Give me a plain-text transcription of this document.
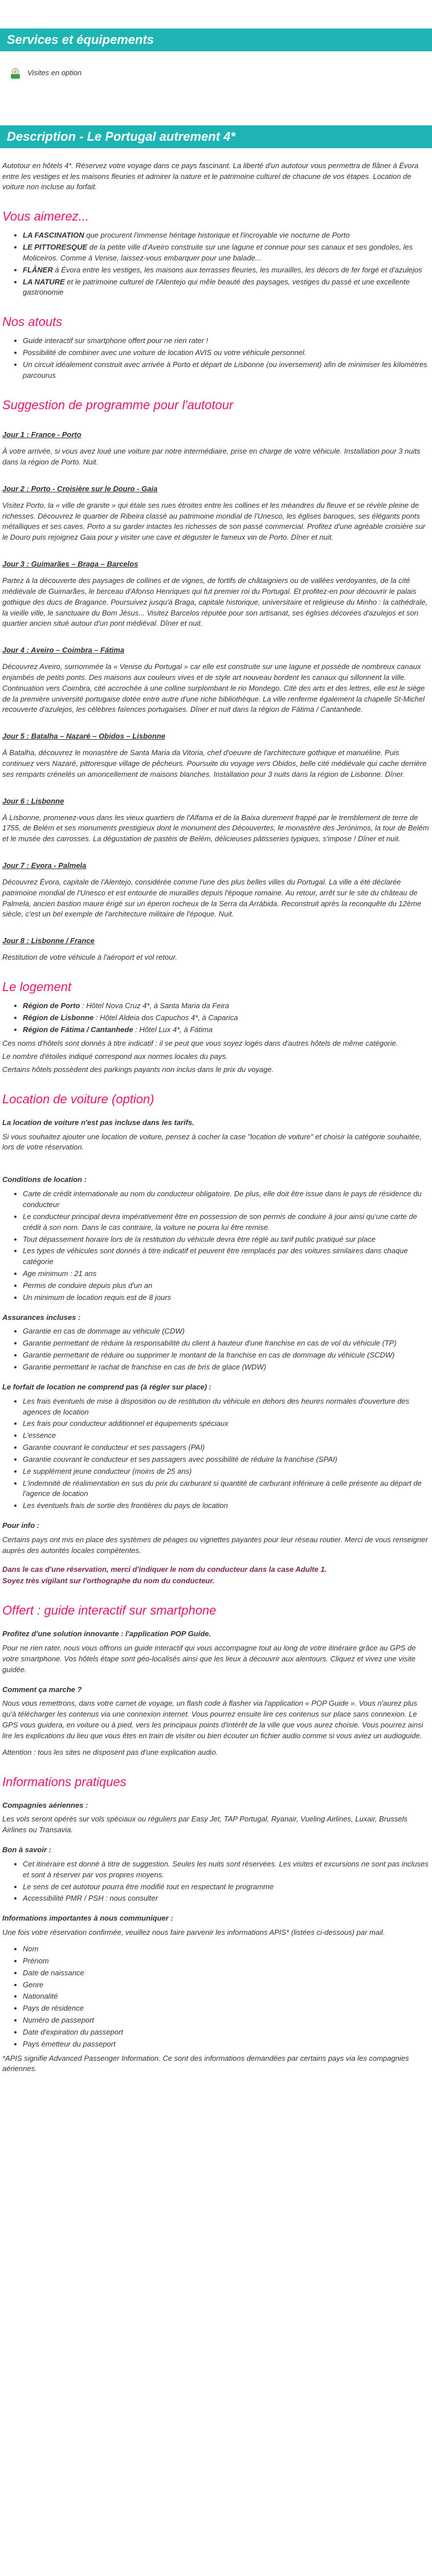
Services et équipements
Visites en option
Description - Le Portugal autrement 4*

Autotour en hôtels 4*. Réservez votre voyage dans ce pays fascinant. La liberté d'un autotour vous permettra de flâner à Évora entre les vestiges et les maisons fleuries et admirer la nature et le patrimoine culturel de chacune de vos étapes. Location de voiture non incluse au forfait.

Vous aimerez...
• LA FASCINATION que procurent l'immense héritage historique et l'incroyable vie nocturne de Porto
• LE PITTORESQUE de la petite ville d'Aveiro construite sur une lagune et connue pour ses canaux et ses gondoles, les Moliceiros. Comme à Venise, laissez-vous embarquer pour une balade...
• FLÂNER à Évora entre les vestiges, les maisons aux terrasses fleuries, les murailles, les décors de fer forgé et d'azulejos
• LA NATURE et le patrimoine culturel de l'Alentejo qui mêle beauté des paysages, vestiges du passé et une excellente gastronomie
Nos atouts
• Guide interactif sur smartphone offert pour ne rien rater !
• Possibilité de combiner avec une voiture de location AVIS ou votre véhicule personnel.
• Un circuit idéalement construit avec arrivée à Porto et départ de Lisbonne (ou inversement) afin de minimiser les kilomètres parcourus
Suggestion de programme pour l'autotour
Jour 1 : France - Porto

À votre arrivée, si vous avez loué une voiture par notre intermédiaire, prise en charge de votre véhicule. Installation pour 3 nuits dans la région de Porto. Nuit.

Jour 2 : Porto - Croisière sur le Douro - Gaia

Visitez Porto, la « ville de granite » qui étale ses rues étroites entre les collines et les méandres du fleuve et se révèle pleine de richesses. Découvrez le quartier de Ribeira classé au patrimoine mondial de l'Unesco, les églises baroques, ses élégants ponts métalliques et ses caves. Porto a su garder intactes les richesses de son passé commercial. Profitez d'une agréable croisière sur le Douro puis rejoignez Gaia pour y visiter une cave et déguster le fameux vin de Porto. Dîner et nuit.

Jour 3 : Guimarães – Braga – Barcelos

Partez à la découverte des paysages de collines et de vignes, de fortifs de châtaigniers ou de vallées verdoyantes, de la cité médiévale de Guimarães, le berceau d'Afonso Henriques qui fut premier roi du Portugal. Et profitez-en pour découvrir le palais gothique des ducs de Bragance. Poursuivez jusqu'à Braga, capitale historique, universitaire et religieuse du Minho : la cathédrale, la vieille ville, le sanctuaire du Bom Jésus... Visitez Barcelos réputée pour son artisanat, ses églises décorées d'azulejos et son quartier ancien situé autour d'un pont médiéval. Dîner et nuit.

Jour 4 : Aveiro – Coimbra – Fátima

Découvrez Aveiro, surnommée la « Venise du Portugal » car elle est construite sur une lagune et possède de nombreux canaux enjambés de petits ponts. Des maisons aux couleurs vives et de style art nouveau bordent les canaux qui sillonnent la ville. Continuation vers Coimbra, cité accrochée à une colline surplombant le rio Mondego. Cité des arts et des lettres, elle est le siège de la première université portugaise dotée entre autre d'une riche bibliothèque. La ville renferme également la chapelle St-Michel recouverte d'azulejos, les célèbres faïences portugaises. Dîner et nuit dans la région de Fátima / Cantanhede.

Jour 5 : Batalha – Nazaré – Obidos – Lisbonne

À Batalha, découvrez le monastère de Santa Maria da Vitoria, chef d'oeuvre de l'architecture gothique et manuéline. Puis continuez vers Nazaré, pittoresque village de pêcheurs. Poursuite du voyage vers Obidos, belle cité médiévale qui cache derrière ses remparts crénelés un amoncellement de maisons blanches. Installation pour 3 nuits dans la région de Lisbonne. Dîner.

Jour 6 : Lisbonne

À Lisbonne, promenez-vous dans les vieux quartiers de l'Alfama et de la Baixa durement frappé par le tremblement de terre de 1755, de Belém et ses monuments prestigieux dont le monument des Découvertes, le monastère des Jerónimos, la tour de Belém et le musée des carrosses. La dégustation de pastéis de Belém, délicieuses pâtisseries typiques, s'impose ! Dîner et nuit.

Jour 7 : Evora - Palmela

Découvrez Évora, capitale de l'Alentejo, considérée comme l'une des plus belles villes du Portugal. La ville a été déclarée patrimoine mondial de l'Unesco et est entourée de murailles depuis l'époque romaine. Au retour, arrêt sur le site du château de Palmela, ancien bastion maure érigé sur un éperon rocheux de la Serra da Arrábida. Reconstruit après la reconquête du 12ème siècle, c'est un bel exemple de l'architecture militaire de l'époque. Nuit.

Jour 8 : Lisbonne / France

Restitution de votre véhicule à l'aéroport et vol retour.

Le logement
• Région de Porto : Hôtel Nova Cruz 4*, à Santa Maria da Feira
• Région de Lisbonne : Hôtel Aldeia dos Capuchos 4*, à Caparica
• Région de Fátima / Cantanhede : Hôtel Lux 4*, à Fátima

Ces noms d'hôtels sont donnés à titre indicatif : il se peut que vous soyez logés dans d'autres hôtels de même catégorie.

Le nombre d'étoiles indiqué correspond aux normes locales du pays.

Certains hôtels possèdent des parkings payants non inclus dans le prix du voyage.

Location de voiture (option)

La location de voiture n'est pas incluse dans les tarifs.

Si vous souhaitez ajouter une location de voiture, pensez à cocher la case "location de voiture" et choisir la catégorie souhaitée, lors de votre réservation.

Conditions de location :

• Carte de crédit internationale au nom du conducteur obligatoire. De plus, elle doit être issue dans le pays de résidence du conducteur
• Le conducteur principal devra impérativement être en possession de son permis de conduire à jour ainsi qu'une carte de crédit à son nom. Dans le cas contraire, la voiture ne pourra lui être remise.
• Tout dépassement horaire lors de la restitution du véhicule devra être réglé au tarif public pratiqué sur place
• Les types de véhicules sont donnés à titre indicatif et peuvent être remplacés par des voitures similaires dans chaque catégorie
• Age minimum : 21 ans
• Permis de conduire depuis plus d'un an
• Un minimum de location requis est de 8 jours

Assurances incluses :

• Garantie en cas de dommage au véhicule (CDW)
• Garantie permettant de réduire la responsabilité du client à hauteur d'une franchise en cas de vol du véhicule (TP)
• Garantie permettant de réduire ou supprimer le montant de la franchise en cas de dommage du véhicule (SCDW)
• Garantie permettant le rachat de franchise en cas de bris de glace (WDW)

Le forfait de location ne comprend pas (à régler sur place) :

• Les frais éventuels de mise à disposition ou de restitution du véhicule en dehors des heures normales d'ouverture des agences de location
• Les frais pour conducteur additionnel et équipements spéciaux
• L'essence
• Garantie couvrant le conducteur et ses passagers (PAI)
• Garantie couvrant le conducteur et ses passagers avec possibilité de réduire la franchise (SPAI)
• Le supplément jeune conducteur (moins de 25 ans)
• L'indemnité de réalimentation en sus du prix du carburant si quantité de carburant inférieure à celle présente au départ de l'agence de location
• Les éventuels frais de sortie des frontières du pays de location

Pour info :

Certains pays ont mis en place des systèmes de péages ou vignettes payantes pour leur réseau routier. Merci de vous renseigner auprès des autorités locales compétentes.

Dans le cas d'une réservation, merci d'indiquer le nom du conducteur dans la case Adulte 1.

Soyez très vigilant sur l'orthographe du nom du conducteur.

Offert : guide interactif sur smartphone

Profitez d'une solution innovante : l'application POP Guide.

Pour ne rien rater, nous vous offrons un guide interactif qui vous accompagne tout au long de votre itinéraire grâce au GPS de votre smartphone. Vos hôtels étape sont géo-localisés ainsi que les lieux à découvrir aux alentours. Cliquez et vivez une visite guidée.

Comment ça marche ?

Nous vous remettrons, dans votre carnet de voyage, un flash code à flasher via l'application « POP Guide ». Vous n'aurez plus qu'à télécharger les contenus via une connexion internet. Vous pourrez ensuite lire ces contenus sur place sans connexion. Le GPS vous guidera, en voiture ou à pied, vers les principaux points d'intérêt de la ville que vous aurez choisie. Vous pourrez ainsi lire les explications du lieu que vous êtes en train de visiter ou bien écouter un fichier audio comme si vous aviez un audioguide.

Attention : tous les sites ne disposent pas d'une explication audio.

Informations pratiques

Compagnies aériennes :

Les vols seront opérés sur vols spéciaux ou réguliers par Easy Jet, TAP Portugal, Ryanair, Vueling Airlines, Luxair, Brussels Airlines ou Transavia.

Bon à savoir :

• Cet itinéraire est donné à titre de suggestion. Seules les nuits sont réservées. Les visites et excursions ne sont pas incluses et sont à réserver par vos propres moyens.
• Le sens de cet autotour pourra être modifié tout en respectant le programme
• Accessibilité PMR / PSH : nous consulter

Informations importantes à nous communiquer :

Une fois votre réservation confirmée, veuillez nous faire parvenir les informations APIS* (listées ci-dessous) par mail.

• Nom
• Prénom
• Date de naissance
• Genre
• Nationalité
• Pays de résidence
• Numéro de passeport
• Date d'expiration du passeport
• Pays émetteur du passeport

*APIS signifie Advanced Passenger Information. Ce sont des informations demandées par certains pays via les compagnies aériennes.
